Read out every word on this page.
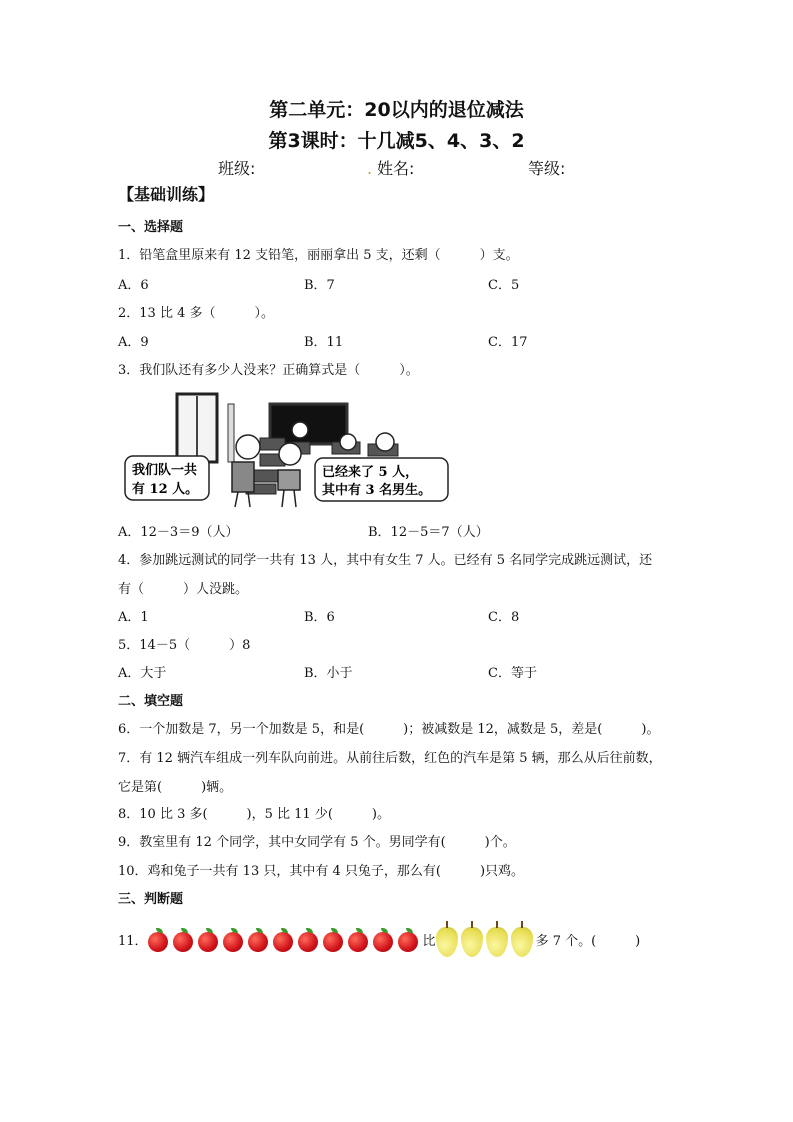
第二单元：20以内的退位减法
第3课时：十几减5、4、3、2
班级:	. 姓名:	等级:
【基础训练】
一、选择题
1．铅笔盒里原来有 12 支铅笔，丽丽拿出 5 支，还剩（　　　）支。
A．6	B．7	C．5
2．13 比 4 多（　　　）。
A．9	B．11	C．17
3．我们队还有多少人没来？正确算式是（　　　）。
我们队一共
有 12 人。
已经来了 5 人，
其中有 3 名男生。
A．12－3＝9（人）	B．12－5＝7（人）
4．参加跳远测试的同学一共有 13 人，其中有女生 7 人。已经有 5 名同学完成跳远测试，还
有（　　　）人没跳。
A．1	B．6	C．8
5．14－5（　　　）8
A．大于	B．小于	C．等于
二、填空题
6．一个加数是 7，另一个加数是 5，和是(　　　)；被减数是 12，减数是 5，差是(　　　)。
7．有 12 辆汽车组成一列车队向前进。从前往后数，红色的汽车是第 5 辆，那么从后往前数，
它是第(　　　)辆。
8．10 比 3 多(　　　)，5 比 11 少(　　　)。
9．教室里有 12 个同学，其中女同学有 5 个。男同学有(　　　)个。
10．鸡和兔子一共有 13 只，其中有 4 只兔子，那么有(　　　)只鸡。
三、判断题
11．	比	多 7 个。(　　　)
